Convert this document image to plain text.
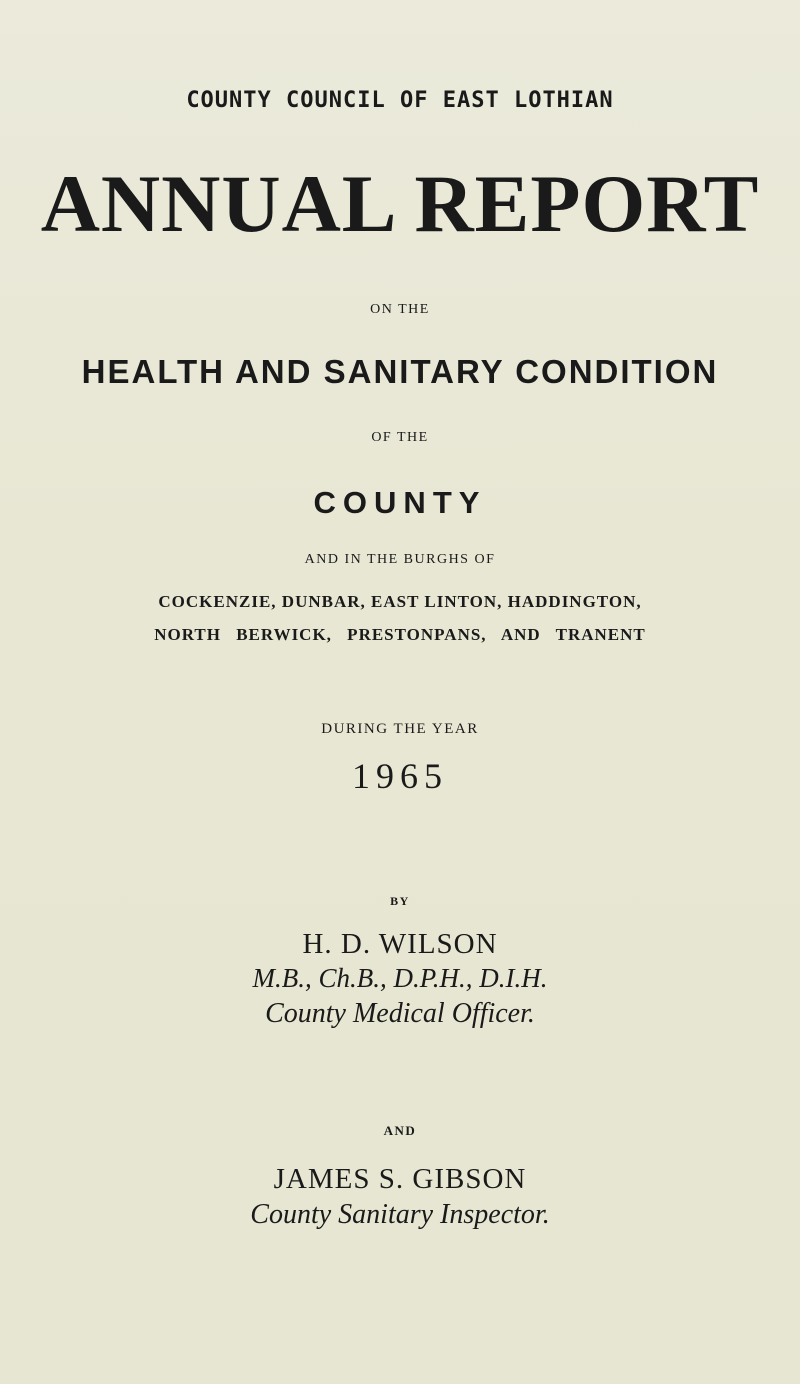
COUNTY COUNCIL OF EAST LOTHIAN
ANNUAL REPORT
ON THE
HEALTH AND SANITARY CONDITION
OF THE
COUNTY
AND IN THE BURGHS OF
COCKENZIE, DUNBAR, EAST LINTON, HADDINGTON,
NORTH BERWICK, PRESTONPANS, AND TRANENT
DURING THE YEAR
1965
BY
H. D. WILSON
M.B., Ch.B., D.P.H., D.I.H.
County Medical Officer.
AND
JAMES S. GIBSON
County Sanitary Inspector.
